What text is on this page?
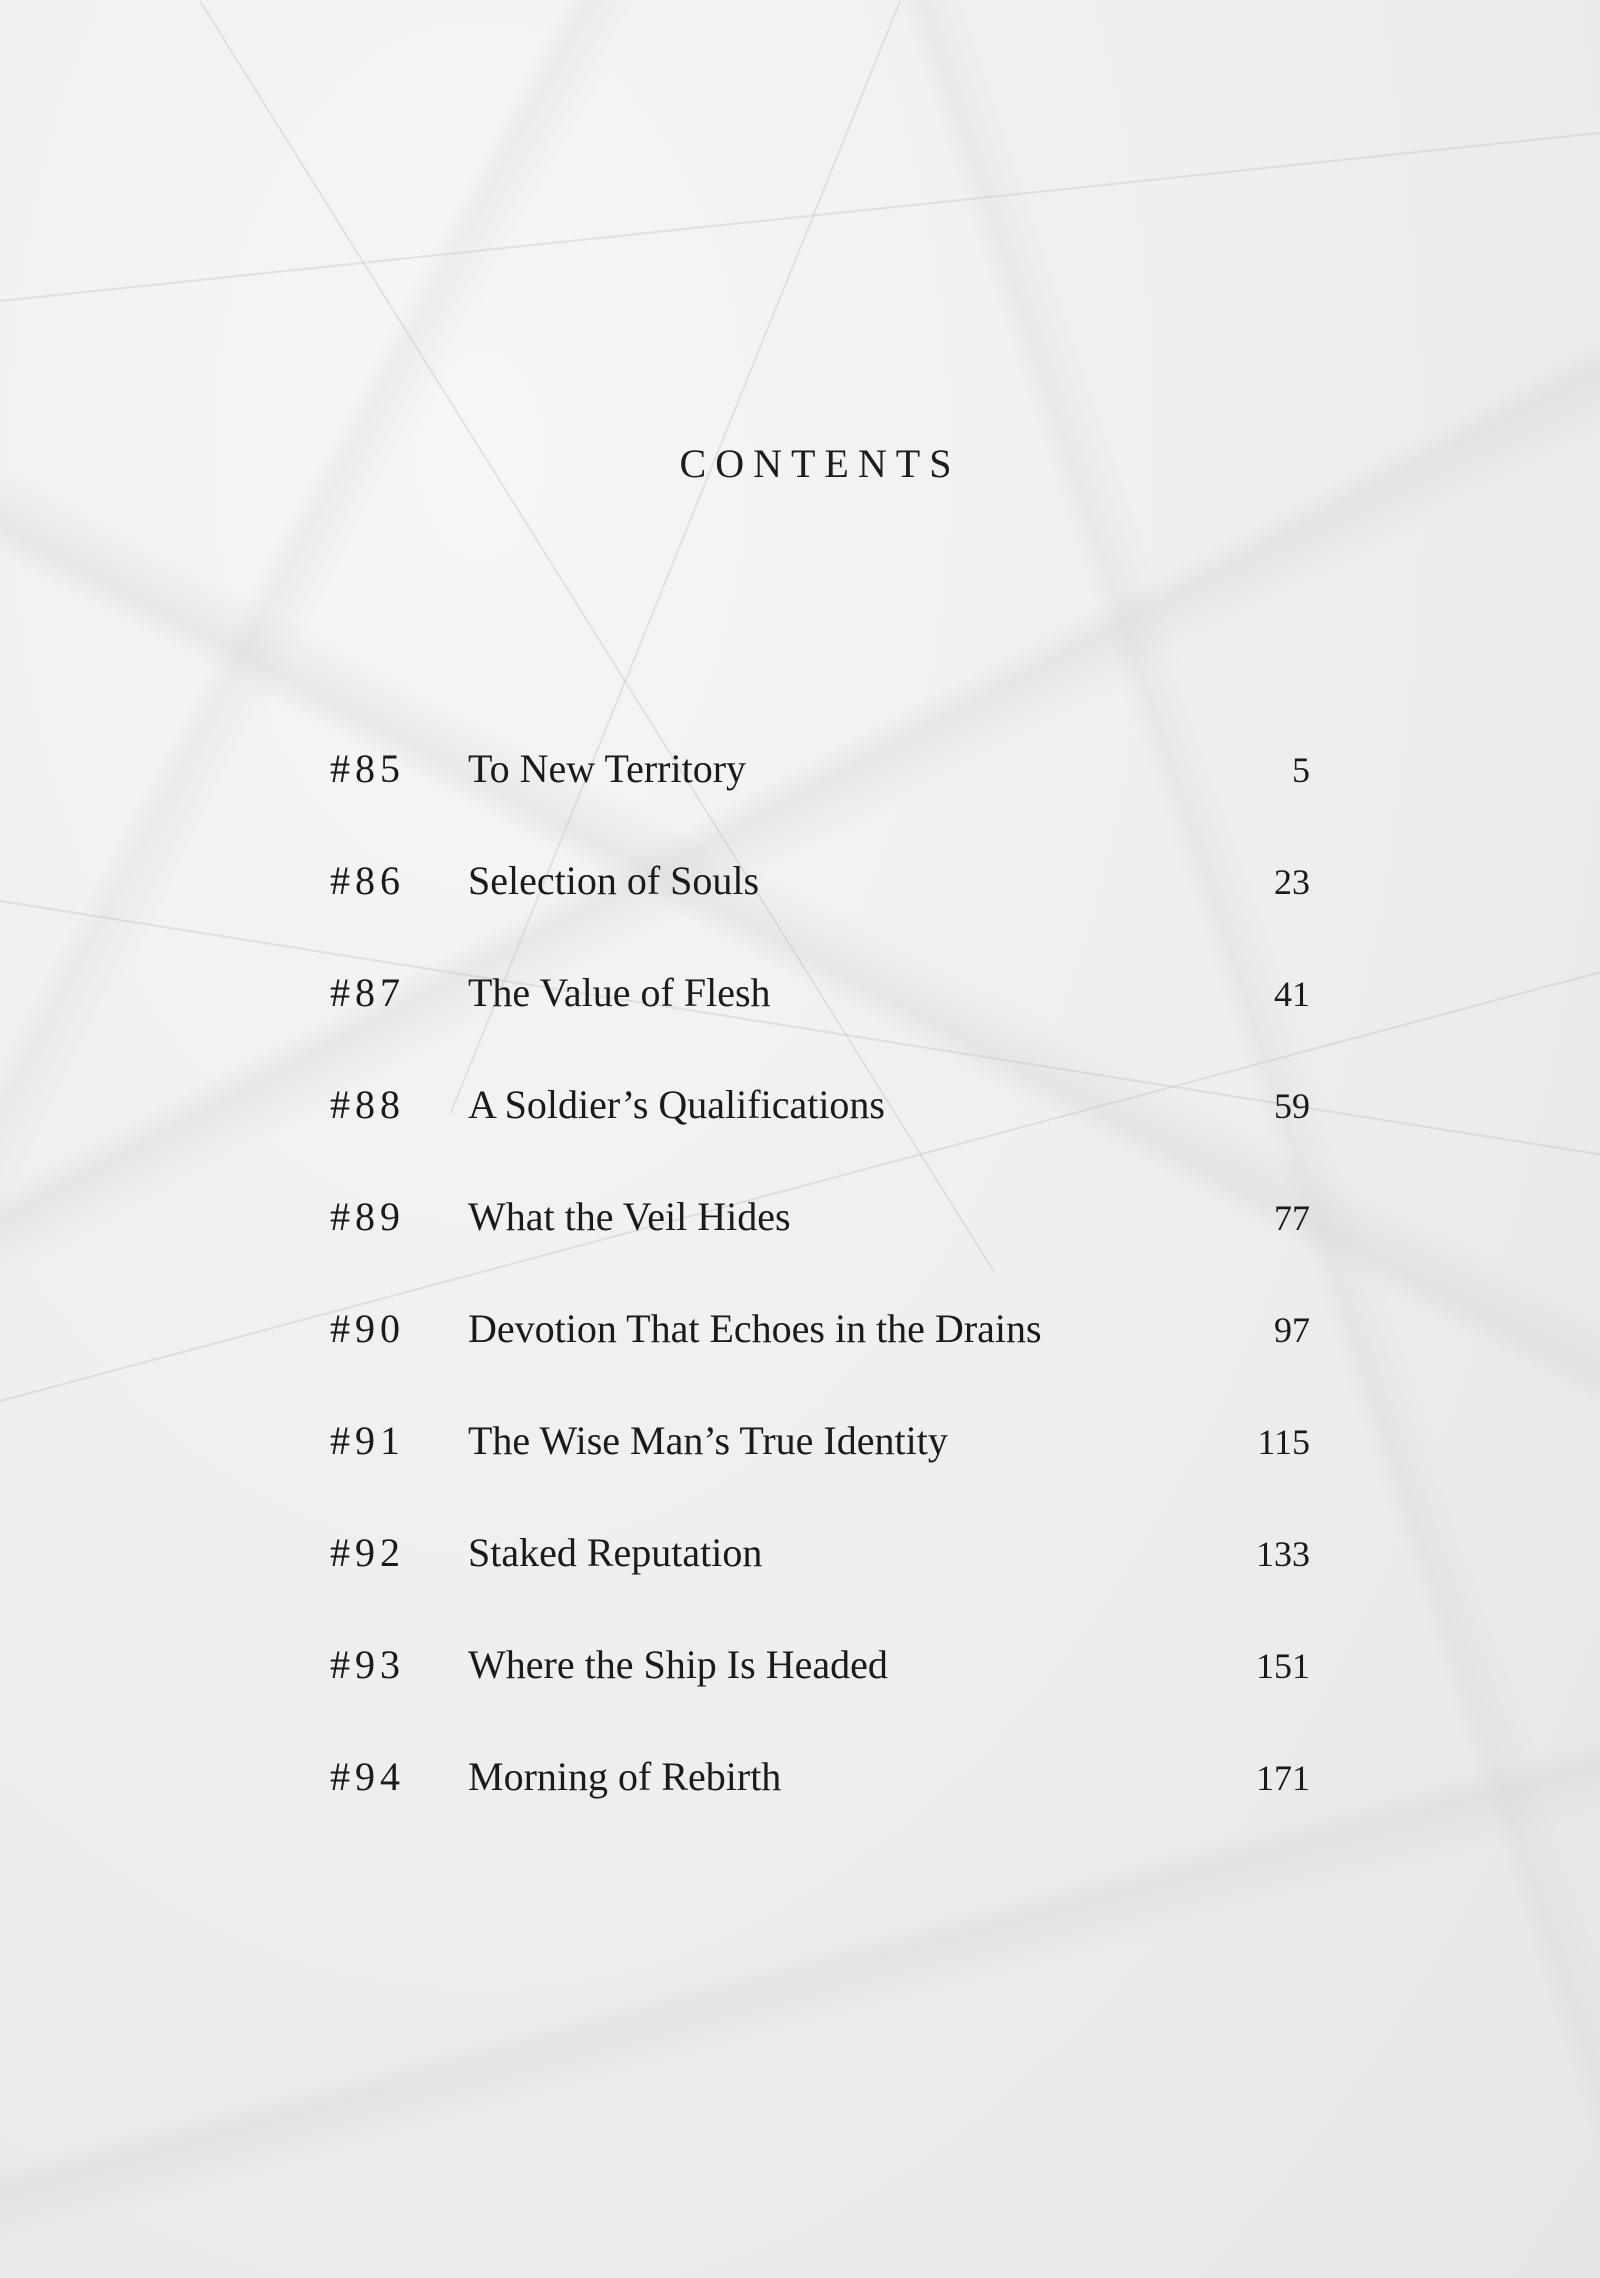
CONTENTS
#85 To New Territory	5
#86 Selection of Souls	23
#87 The Value of Flesh	41
#88 A Soldier’s Qualifications	59
#89 What the Veil Hides	77
#90 Devotion That Echoes in the Drains	97
#91 The Wise Man’s True Identity	115
#92 Staked Reputation	133
#93 Where the Ship Is Headed	151
#94 Morning of Rebirth	171
